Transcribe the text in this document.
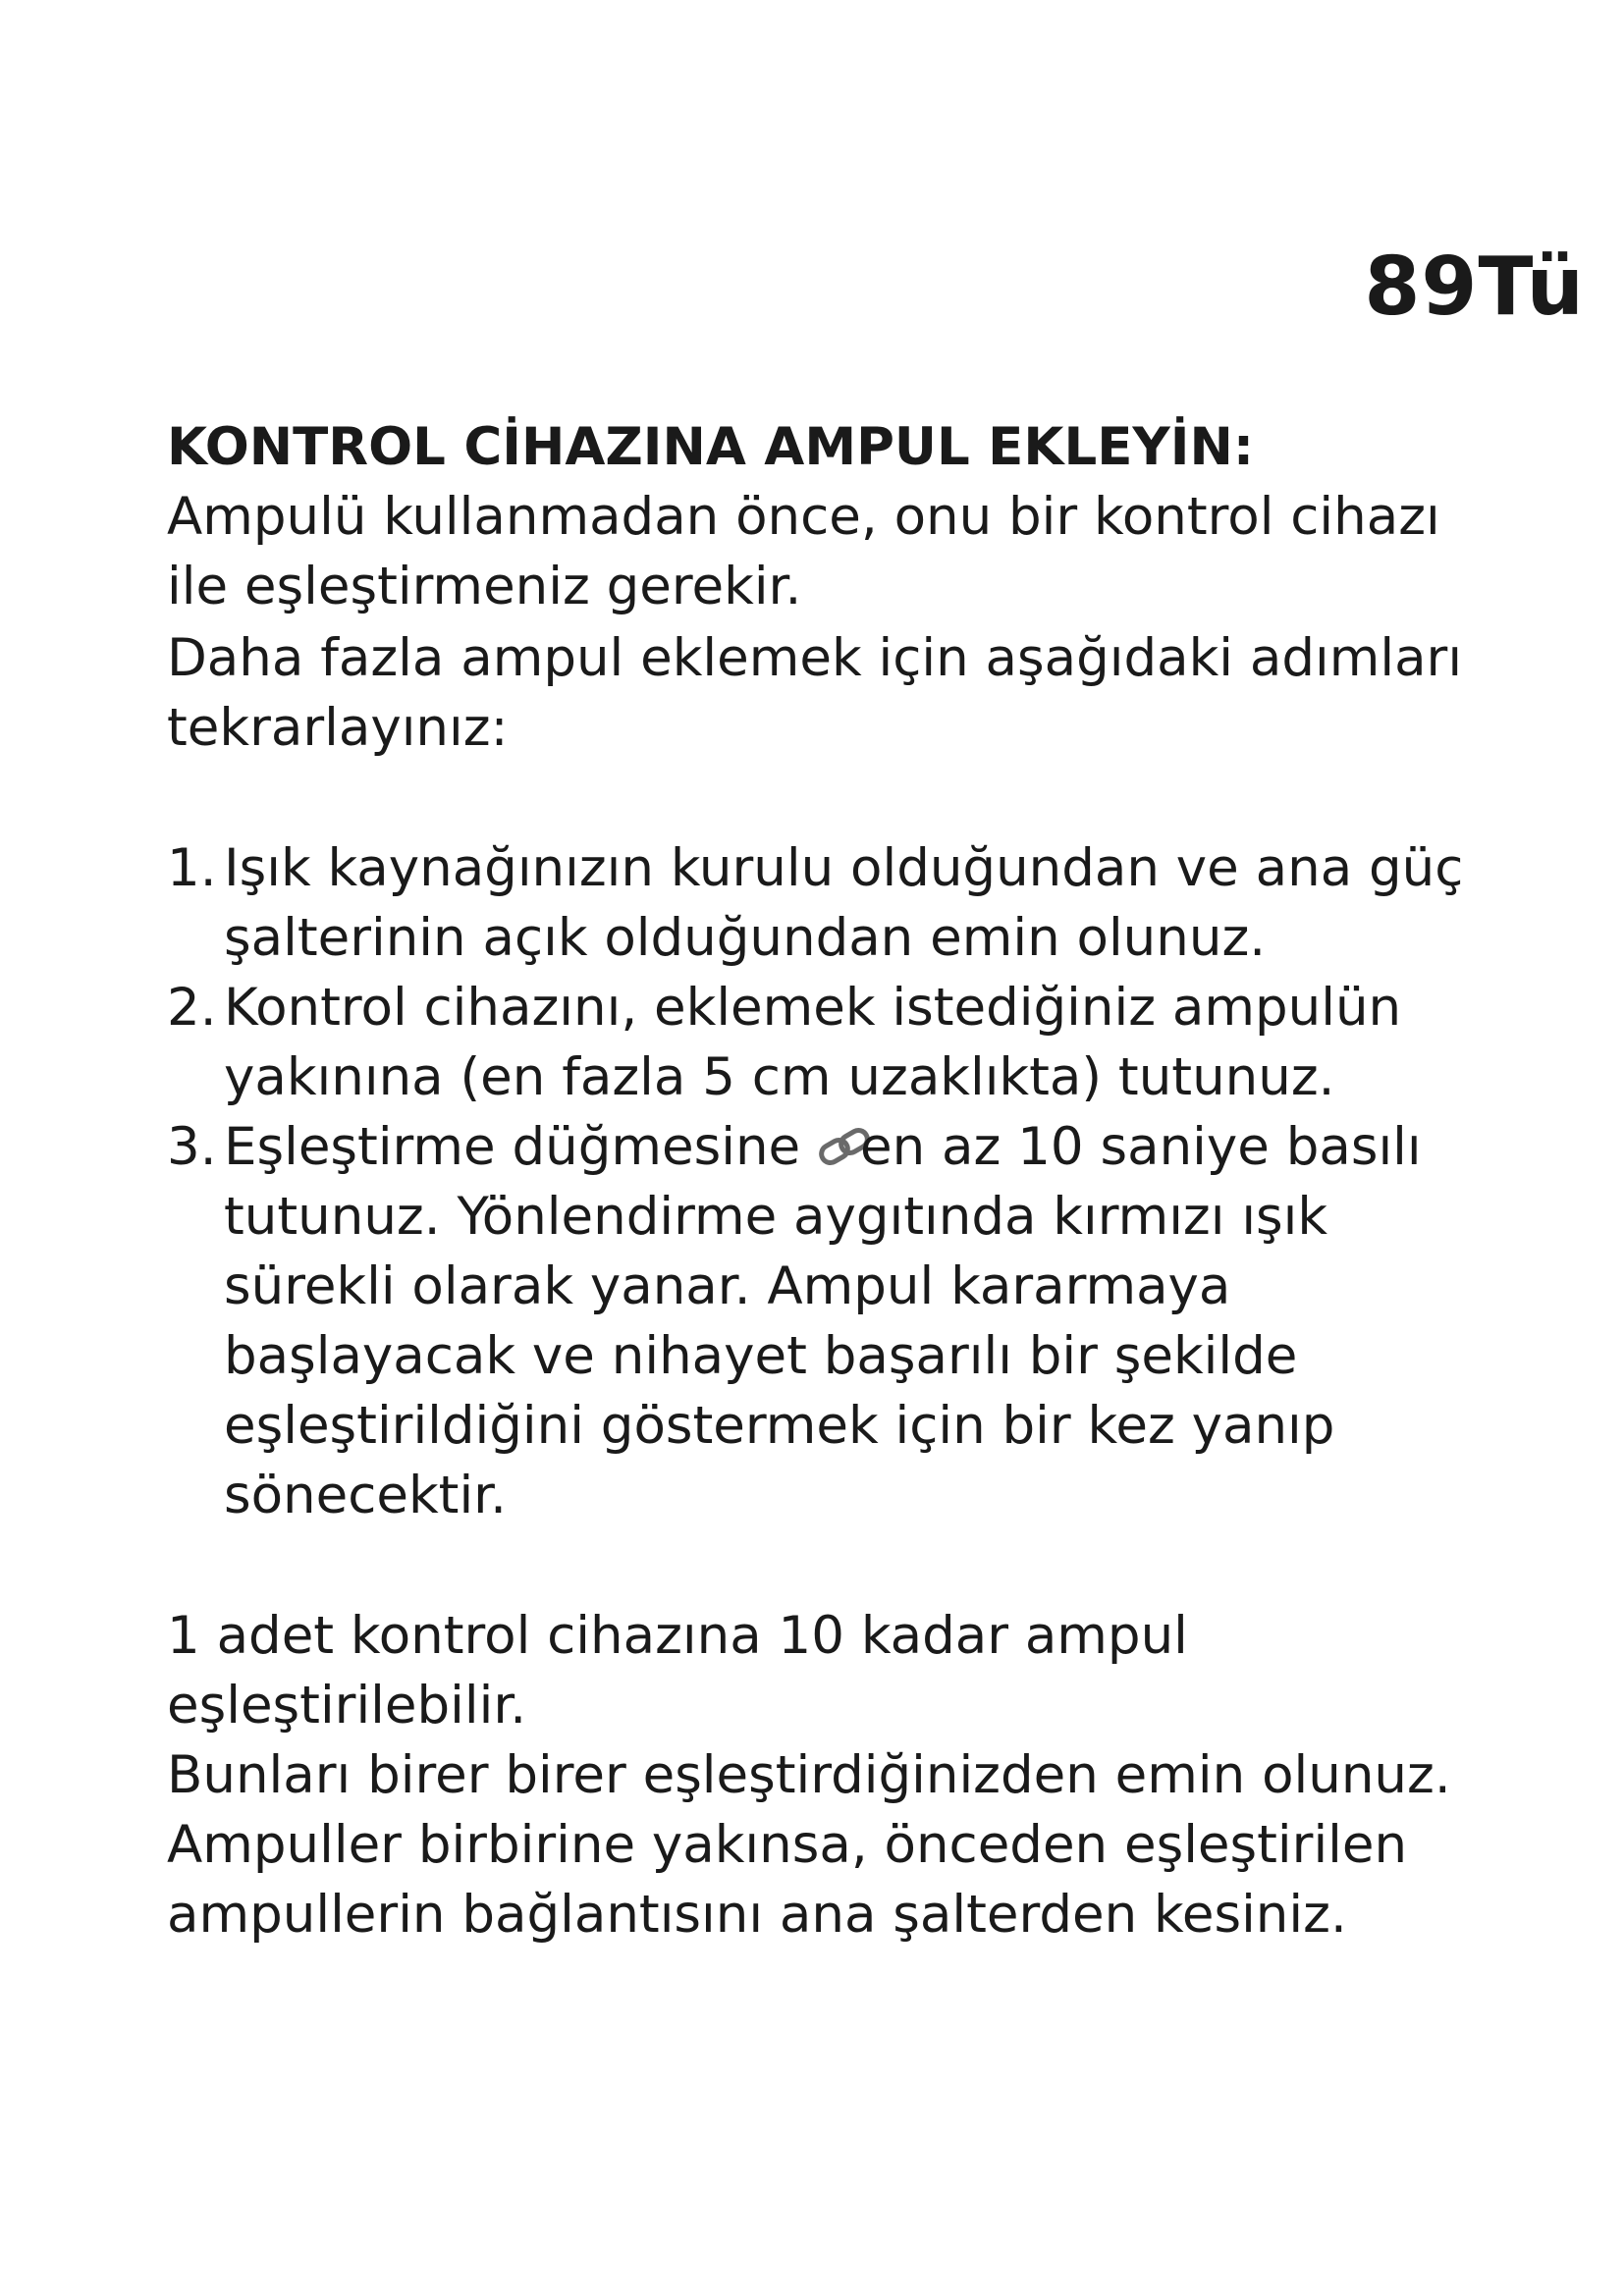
89Tü

KONTROL CİHAZINA AMPUL EKLEYİN:

Ampulü kullanmadan önce, onu bir kontrol cihazı ile eşleştirmeniz gerekir.

Daha fazla ampul eklemek için aşağıdaki adımları tekrarlayınız:

1. Işık kaynağınızın kurulu olduğundan ve ana güç şalterinin açık olduğundan emin olunuz.
2. Kontrol cihazını, eklemek istediğiniz ampulün yakınına (en fazla 5 cm uzaklıkta) tutunuz.
3. Eşleştirme düğmesine en az 10 saniye basılı tutunuz. Yönlendirme aygıtında kırmızı ışık sürekli olarak yanar. Ampul kararmaya başlayacak ve nihayet başarılı bir şekilde eşleştirildiğini göstermek için bir kez yanıp sönecektir.

1 adet kontrol cihazına 10 kadar ampul eşleştirilebilir.

Bunları birer birer eşleştirdiğinizden emin olunuz. Ampuller birbirine yakınsa, önceden eşleştirilen ampullerin bağlantısını ana şalterden kesiniz.
